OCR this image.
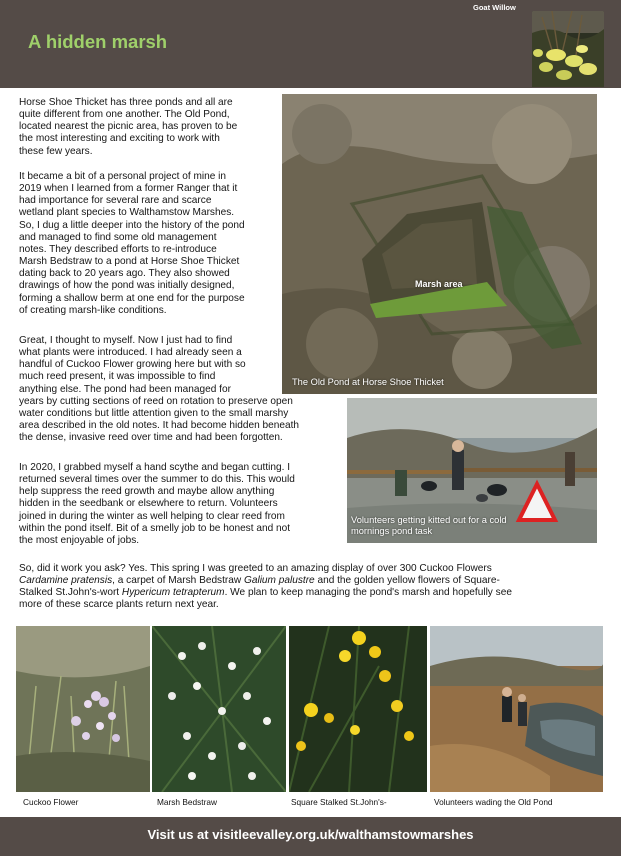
A hidden marsh
Goat Willow

Horse Shoe Thicket has three ponds and all are
quite different from one another. The Old Pond,
located nearest the picnic area, has proven to be
the most interesting and exciting to work with
these few years.

It became a bit of a personal project of mine in
2019 when I learned from a former Ranger that it
had importance for several rare and scarce
wetland plant species to Walthamstow Marshes.
So, I dug a little deeper into the history of the pond
and managed to find some old management
notes. They described efforts to re-introduce
Marsh Bedstraw to a pond at Horse Shoe Thicket
dating back to 20 years ago. They also showed
drawings of how the pond was initially designed,
forming a shallow berm at one end for the purpose
of creating marsh-like conditions.

Great, I thought to myself. Now I just had to find
what plants were introduced. I had already seen a
handful of Cuckoo Flower growing here but with so
much reed present, it was impossible to find
anything else. The pond had been managed for
years by cutting sections of reed on rotation to preserve open
water conditions but little attention given to the small marshy
area described in the old notes. It had become hidden beneath
the dense, invasive reed over time and had been forgotten.

In 2020, I grabbed myself a hand scythe and began cutting. I
returned several times over the summer to do this. This would
help suppress the reed growth and maybe allow anything
hidden in the seedbank or elsewhere to return. Volunteers
joined in during the winter as well helping to clear reed from
within the pond itself. Bit of a smelly job to be honest and not
the most enjoyable of jobs.

Marsh area
The Old Pond at Horse Shoe Thicket
Volunteers getting kitted out for a cold
mornings pond task

So, did it work you ask? Yes. This spring I was greeted to an amazing display of over 300 Cuckoo Flowers
Cardamine pratensis, a carpet of Marsh Bedstraw Galium palustre and the golden yellow flowers of Square-
Stalked St.John's-wort Hypericum tetrapterum. We plan to keep managing the pond's marsh and hopefully see
more of these scarce plants return next year.

Cuckoo Flower	Marsh Bedstraw	Square Stalked St.John's-	Volunteers wading the Old Pond
Visit us at visitleevalley.org.uk/walthamstowmarshes
